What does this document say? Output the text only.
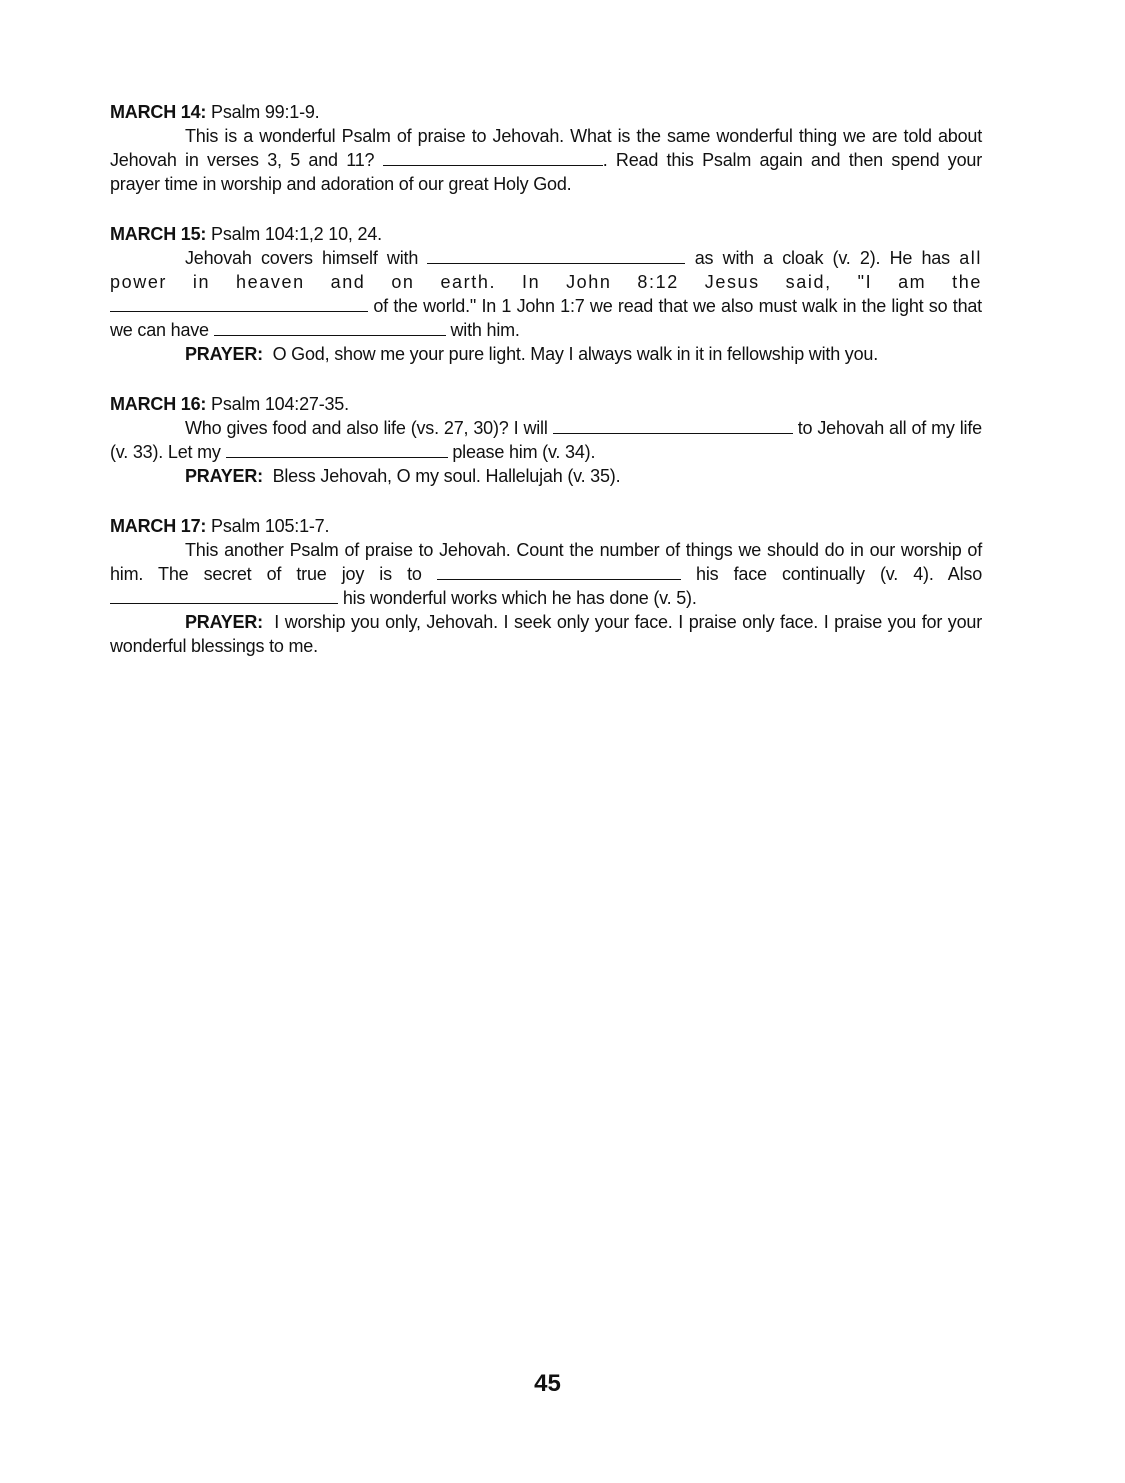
MARCH 14: Psalm 99:1-9.

This is a wonderful Psalm of praise to Jehovah. What is the same wonderful thing we are told about Jehovah in verses 3, 5 and 11?	. Read this Psalm again and then spend your prayer time in worship and adoration of our great Holy God.

MARCH 15: Psalm 104:1,2 10, 24.

Jehovah covers himself with	as with a cloak (v. 2). He has all power in heaven and on earth. In John 8:12 Jesus said, "I am the  of the world." In 1 John 1:7 we read that we also must walk in the light so that we can have	with him.

PRAYER: O God, show me your pure light. May I always walk in it in fellowship with you.

MARCH 16: Psalm 104:27-35.

Who gives food and also life (vs. 27, 30)? I will	to Jehovah all of my life (v. 33). Let my	please him (v. 34).

PRAYER: Bless Jehovah, O my soul. Hallelujah (v. 35).

MARCH 17: Psalm 105:1-7.

This another Psalm of praise to Jehovah. Count the number of things we should do in our worship of him. The secret of true joy is to	his face continually (v. 4). Also  his wonderful works which he has done (v. 5).

PRAYER: I worship you only, Jehovah. I seek only your face. I praise only face. I praise you for your wonderful blessings to me.

45
